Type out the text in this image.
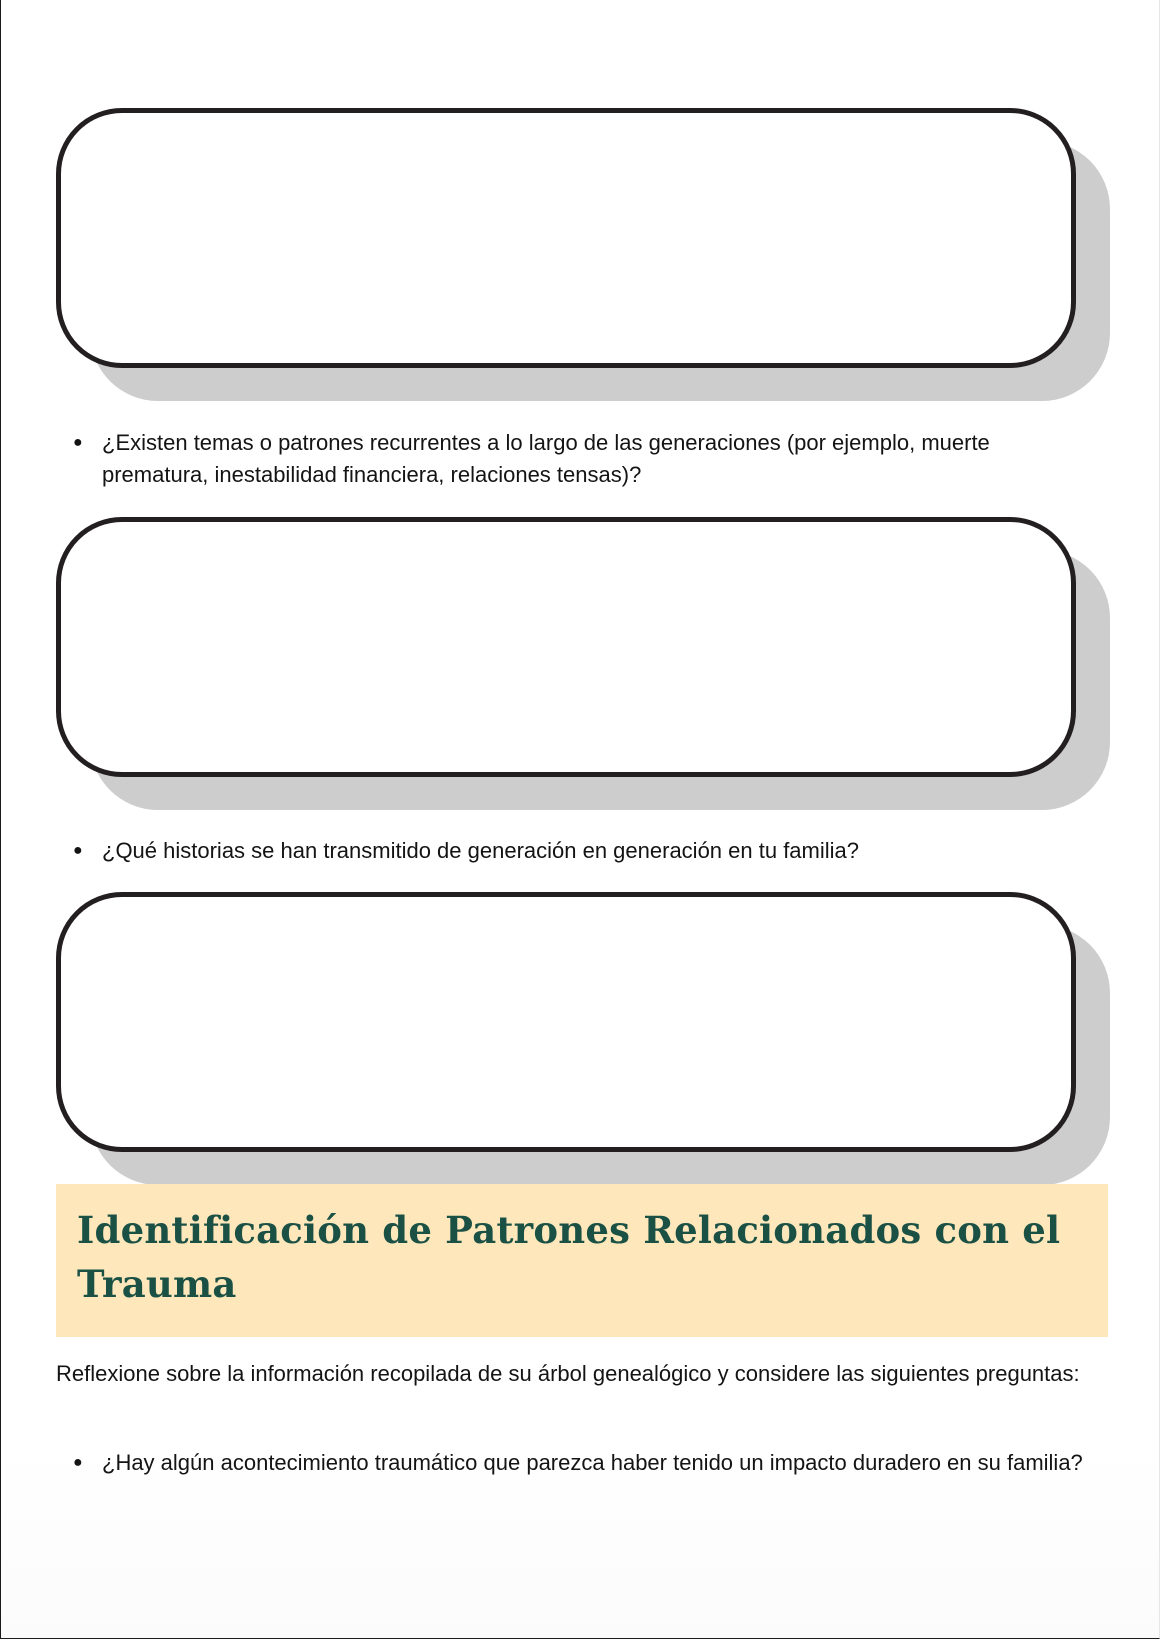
● ¿Existen temas o patrones recurrentes a lo largo de las generaciones (por ejemplo, muerte prematura, inestabilidad financiera, relaciones tensas)?
● ¿Qué historias se han transmitido de generación en generación en tu familia?
Identificación de Patrones Relacionados con el Trauma

Reflexione sobre la información recopilada de su árbol genealógico y considere las siguientes preguntas:

● ¿Hay algún acontecimiento traumático que parezca haber tenido un impacto duradero en su familia?
